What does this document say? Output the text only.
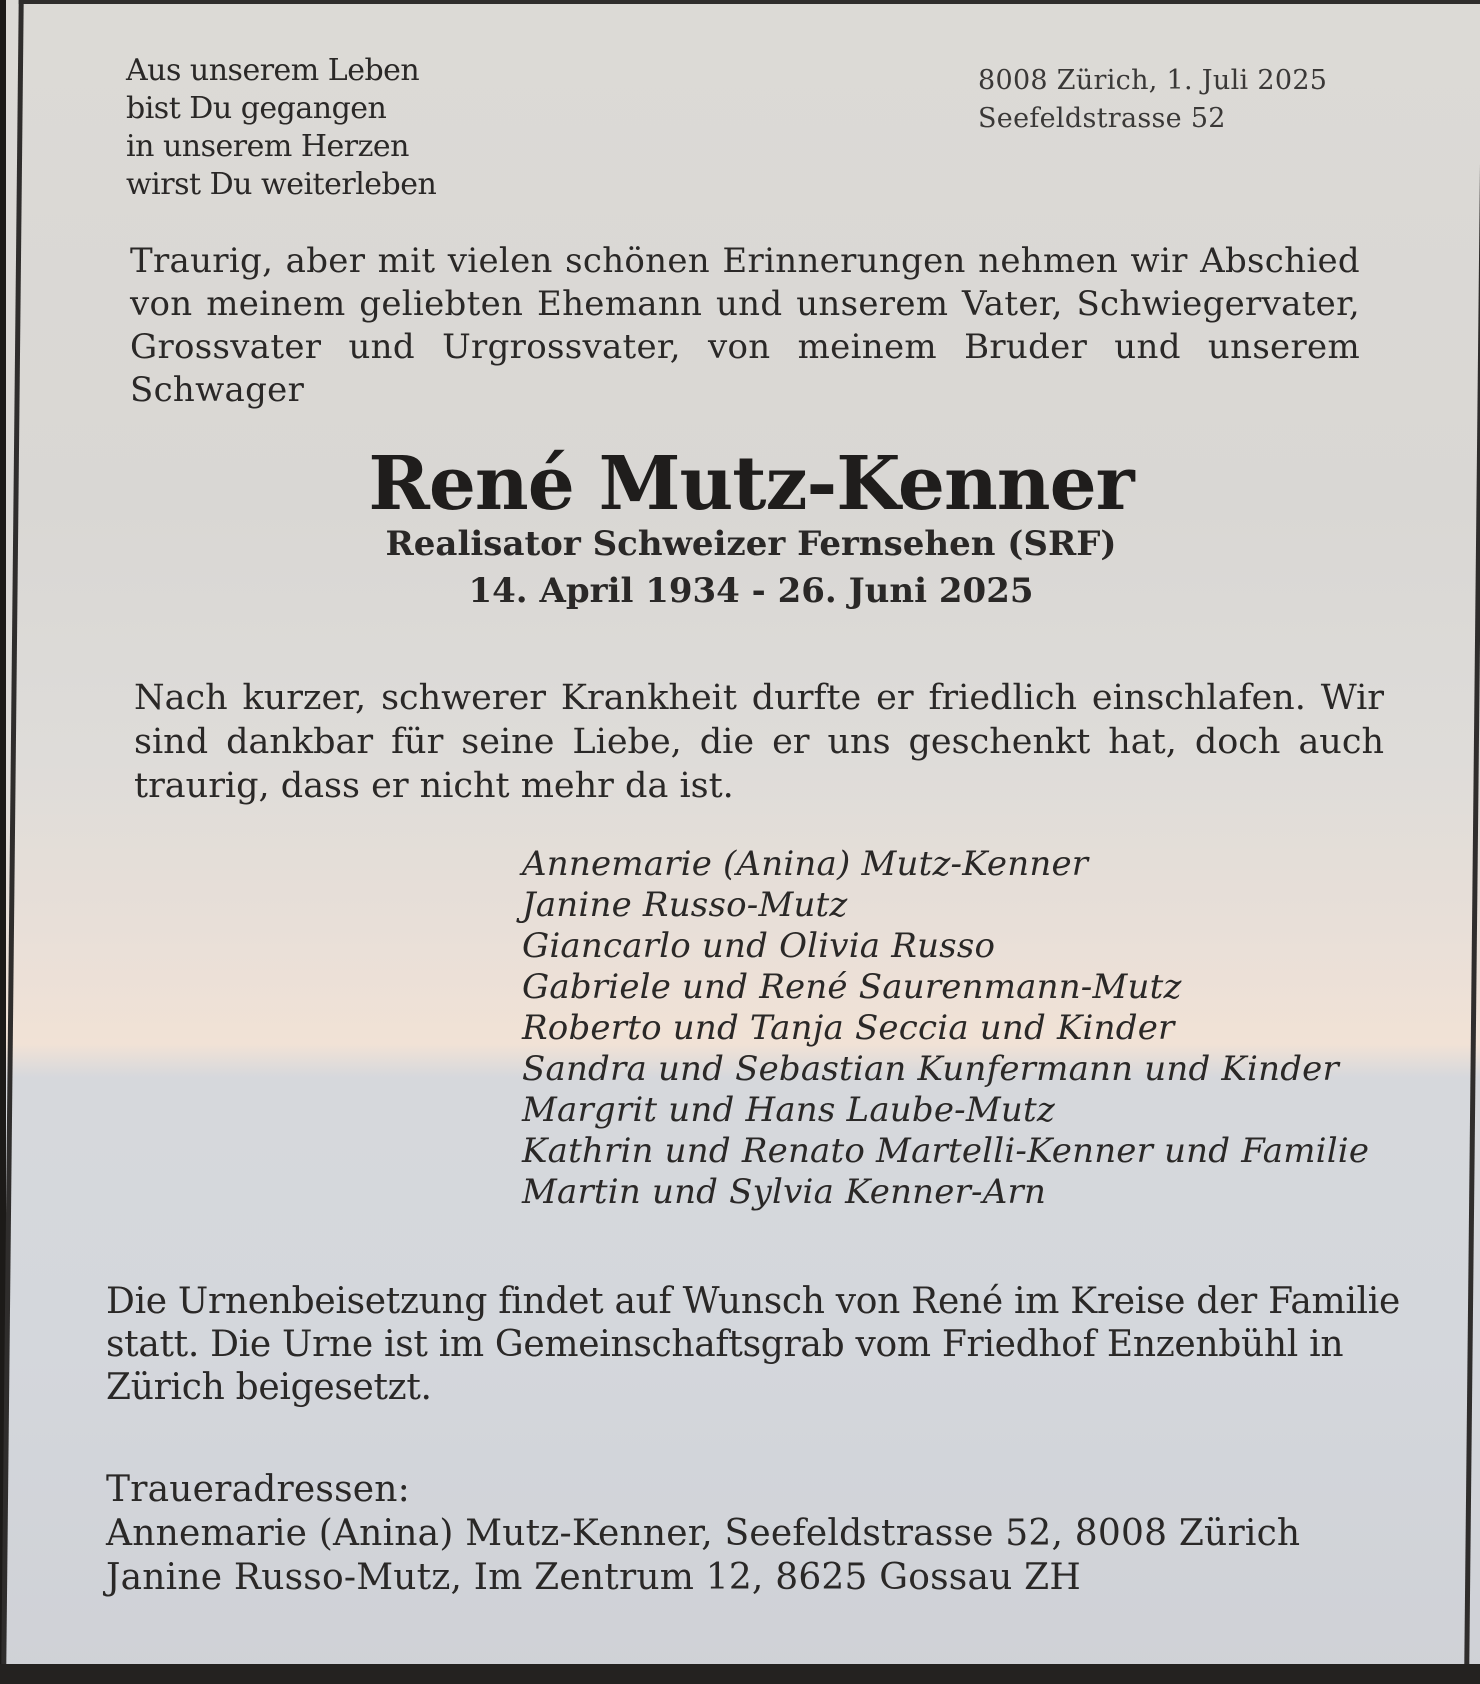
Aus unserem Leben
bist Du gegangen
in unserem Herzen
wirst Du weiterleben
8008 Zürich, 1. Juli 2025
Seefeldstrasse 52
Traurig, aber mit vielen schönen Erinnerungen nehmen wir Abschied
von meinem geliebten Ehemann und unserem Vater, Schwiegervater,
Grossvater und Urgrossvater, von meinem Bruder und unserem
Schwager
René Mutz-Kenner
Realisator Schweizer Fernsehen (SRF)
14. April 1934 - 26. Juni 2025
Nach kurzer, schwerer Krankheit durfte er friedlich einschlafen. Wir
sind dankbar für seine Liebe, die er uns geschenkt hat, doch auch
traurig, dass er nicht mehr da ist.
Annemarie (Anina) Mutz-Kenner
Janine Russo-Mutz
Giancarlo und Olivia Russo
Gabriele und René Saurenmann-Mutz
Roberto und Tanja Seccia und Kinder
Sandra und Sebastian Kunfermann und Kinder
Margrit und Hans Laube-Mutz
Kathrin und Renato Martelli-Kenner und Familie
Martin und Sylvia Kenner-Arn
Die Urnenbeisetzung findet auf Wunsch von René im Kreise der Familie
statt. Die Urne ist im Gemeinschaftsgrab vom Friedhof Enzenbühl in
Zürich beigesetzt.
Traueradressen:
Annemarie (Anina) Mutz-Kenner, Seefeldstrasse 52, 8008 Zürich
Janine Russo-Mutz, Im Zentrum 12, 8625 Gossau ZH
